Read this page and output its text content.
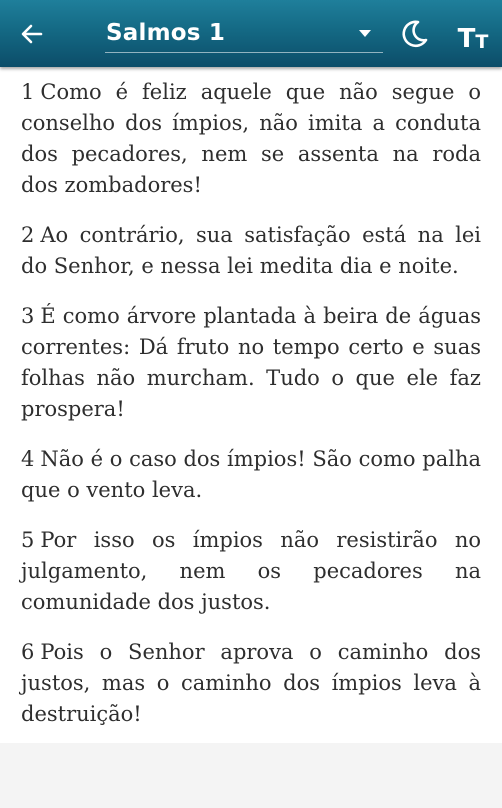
Salmos 1	T T

1 Como é feliz aquele que não segue o conselho dos ímpios, não imita a conduta dos pecadores, nem se assenta na roda dos zombadores!

2 Ao contrário, sua satisfação está na lei do Senhor, e nessa lei medita dia e noite.

3 É como árvore plantada à beira de águas correntes: Dá fruto no tempo certo e suas folhas não murcham. Tudo o que ele faz prospera!

4 Não é o caso dos ímpios! São como palha que o vento leva.

5 Por isso os ímpios não resistirão no julgamento, nem os pecadores na comunidade dos justos.

6 Pois o Senhor aprova o caminho dos justos, mas o caminho dos ímpios leva à destruição!
